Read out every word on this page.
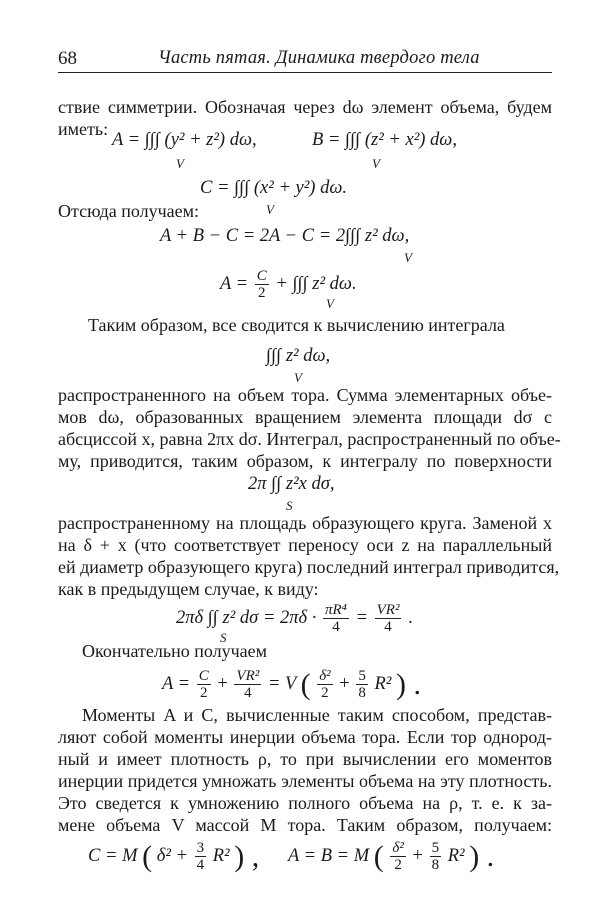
68	Часть пятая. Динамика твердого тела
ствие симметрии. Обозначая через dω элемент объема, будем
иметь:
A = ∫∫∫ (y² + z²) dω,	B = ∫∫∫ (z² + x²) dω,
V	V
C = ∫∫∫ (x² + y²) dω.
V
Отсюда получаем:
A + B − C = 2A − C = 2∫∫∫ z² dω,
V
$A = \frac{C}{2}$ + ∫∫∫ z² dω.
V
Таким образом, все сводится к вычислению интеграла
∫∫∫ z² dω,
V
распространенного на объем тора. Сумма элементарных объе-
мов dω, образованных вращением элемента площади dσ с
абсциссой x, равна 2πx dσ. Интеграл, распространенный по объе-
му, приводится, таким образом, к интегралу по поверхности
2π ∫∫ z²x dσ,
S
распространенному на площадь образующего круга. Заменой x
на δ + x (что соответствует переносу оси z на параллельный
ей диаметр образующего круга) последний интеграл приводится,
как в предыдущем случае, к виду:
2πδ ∫∫ z² $d\sigma = 2\pi\delta \cdot \frac{\text{πR⁴}}{4} = \frac{\text{VR²}}{4}$ .
S
Окончательно получаем
$A = \frac{C}{2} + \frac{\text{VR²}}{4} = V$ ( $\frac{\text{δ²}}{2} + \frac{5}{8} R^2$ ) .
Моменты A и C, вычисленные таким способом, представ-
ляют собой моменты инерции объема тора. Если тор однород-
ный и имеет плотность ρ, то при вычислении его моментов
инерции придется умножать элементы объема на эту плотность.
Это сведется к умножению полного объема на ρ, т. е. к за-
мене объема V массой M тора. Таким образом, получаем:
C = M ( $\delta^2 + \frac{3}{4} R^2$ ) , A = B = M ( $\frac{\text{δ²}}{2} + \frac{5}{8} R^2$ ) .
